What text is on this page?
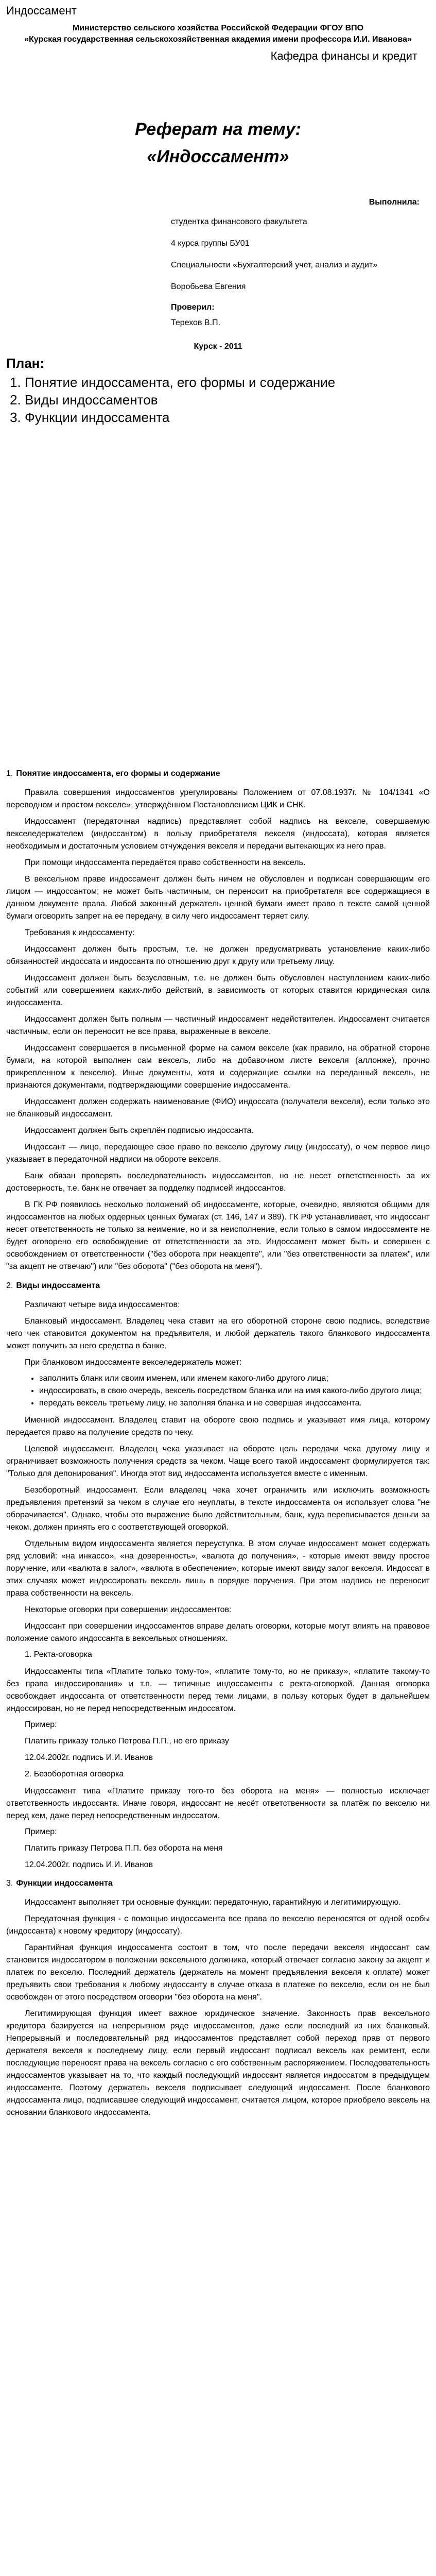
Индоссамент

Министерство сельского хозяйства Российской Федерации ФГОУ ВПО

«Курская государственная сельскохозяйственная академия имени профессора И.И. Иванова»

Кафедра финансы и кредит
Реферат на тему:
«Индоссамент»
Выполнила:

студентка финансового факультета

4 курса группы БУ01

Специальности «Бухгалтерский учет, анализ и аудит»

Воробьева Евгения

Проверил:

Терехов В.П.

Курск - 2011
План:
1. Понятие индоссамента, его формы и содержание
2. Виды индоссаментов
3. Функции индоссамента
1. Понятие индоссамента, его формы и содержание

Правила совершения индоссаментов урегулированы Положением от 07.08.1937г. № 104/1341 «О переводном и простом векселе», утверждённом Постановлением ЦИК и СНК.

Индоссамент (передаточная надпись) представляет собой надпись на векселе, совершаемую векселедержателем (индоссантом) в пользу приобретателя векселя (индоссата), которая является необходимым и достаточным условием отчуждения векселя и передачи вытекающих из него прав.

При помощи индоссамента передаётся право собственности на вексель.

В вексельном праве индоссамент должен быть ничем не обусловлен и подписан совершающим его лицом — индоссантом; не может быть частичным, он переносит на приобретателя все содержащиеся в данном документе права. Любой законный держатель ценной бумаги имеет право в тексте самой ценной бумаги оговорить запрет на ее передачу, в силу чего индоссамент теряет силу.

Требования к индоссаменту:

Индоссамент должен быть простым, т.е. не должен предусматривать установление каких-либо обязанностей индоссата и индоссанта по отношению друг к другу или третьему лицу.

Индоссамент должен быть безусловным, т.е. не должен быть обусловлен наступлением каких-либо событий или совершением каких-либо действий, в зависимость от которых ставится юридическая сила индоссамента.

Индоссамент должен быть полным — частичный индоссамент недействителен. Индоссамент считается частичным, если он переносит не все права, выраженные в векселе.

Индоссамент совершается в письменной форме на самом векселе (как правило, на обратной стороне бумаги, на которой выполнен сам вексель, либо на добавочном листе векселя (аллонже), прочно прикрепленном к векселю). Иные документы, хотя и содержащие ссылки на переданный вексель, не признаются документами, подтверждающими совершение индоссамента.

Индоссамент должен содержать наименование (ФИО) индоссата (получателя векселя), если только это не бланковый индоссамент.

Индоссамент должен быть скреплён подписью индоссанта.

Индоссант — лицо, передающее свое право по векселю другому лицу (индоссату), о чем первое лицо указывает в передаточной надписи на обороте векселя.

Банк обязан проверять последовательность индоссаментов, но не несет ответственность за их достоверность, т.е. банк не отвечает за подделку подписей индоссантов.

В ГК РФ появилось несколько положений об индоссаменте, которые, очевидно, являются общими для индоссаментов на любых ордерных ценных бумагах (ст. 146, 147 и 389). ГК РФ устанавливает, что индоссант несет ответственность не только за неимение, но и за неисполнение, если только в самом индоссаменте не будет оговорено его освобождение от ответственности за это. Индоссамент может быть и совершен с освобождением от ответственности ("без оборота при неакцепте", или "без ответственности за платеж", или "за акцепт не отвечаю") или "без оборота" ("без оборота на меня").

2. Виды индоссамента

Различают четыре вида индоссаментов:

Бланковый индоссамент. Владелец чека ставит на его оборотной стороне свою подпись, вследствие чего чек становится документом на предъявителя, и любой держатель такого бланкового индоссамента может получить за него средства в банке.

При бланковом индоссаменте векселедержатель может:

• заполнить бланк или своим именем, или именем какого-либо другого лица;
• индоссировать, в свою очередь, вексель посредством бланка или на имя какого-либо другого лица;
• передать вексель третьему лицу, не заполняя бланка и не совершая индоссамента.

Именной индоссамент. Владелец ставит на обороте свою подпись и указывает имя лица, которому передается право на получение средств по чеку.

Целевой индоссамент. Владелец чека указывает на обороте цель передачи чека другому лицу и ограничивает возможность получения средств за чеком. Чаще всего такой индоссамент формулируется так: "Только для депонирования". Иногда этот вид индоссамента используется вместе с именным.

Безоборотный индоссамент. Если владелец чека хочет ограничить или исключить возможность предъявления претензий за чеком в случае его неуплаты, в тексте индоссамента он использует слова "не оборачивается". Однако, чтобы это выражение было действительным, банк, куда переписывается деньги за чеком, должен принять его с соответствующей оговоркой.

Отдельным видом индоссамента является переуступка. В этом случае индоссамент может содержать ряд условий: «на инкассо», «на доверенность», «валюта до получения», - которые имеют ввиду простое поручение, или «валюта в залог», «валюта в обеспечение», которые имеют ввиду залог векселя. Индоссат в этих случаях может индоссировать вексель лишь в порядке поручения. При этом надпись не переносит права собственности на вексель.

Некоторые оговорки при совершении индоссаментов:

Индоссант при совершении индоссаментов вправе делать оговорки, которые могут влиять на правовое положение самого индоссанта в вексельных отношениях.

1. Ректа-оговорка

Индоссаменты типа «Платите только тому-то», «платите тому-то, но не приказу», «платите такому-то без права индоссирования» и т.п. — типичные индоссаменты с ректа-оговоркой. Данная оговорка освобождает индоссанта от ответственности перед теми лицами, в пользу которых будет в дальнейшем индоссирован, но не перед непосредственным индоссатом.

Пример:
Платить приказу только Петрова П.П., но его приказу
12.04.2002г. подпись И.И. Иванов
2. Безоборотная оговорка

Индоссамент типа «Платите приказу того-то без оборота на меня» — полностью исключает ответственность индоссанта. Иначе говоря, индоссант не несёт ответственности за платёж по векселю ни перед кем, даже перед непосредственным индоссатом.

Пример:
Платить приказу Петрова П.П. без оборота на меня
12.04.2002г. подпись И.И. Иванов
3. Функции индоссамента

Индоссамент выполняет три основные функции: передаточную, гарантийную и легитимирующую.

Передаточная функция - с помощью индоссамента все права по векселю переносятся от одной особы (индоссанта) к новому кредитору (индоссату).

Гарантийная функция индоссамента состоит в том, что после передачи векселя индоссант сам становится индоссатором в положении вексельного должника, который отвечает согласно закону за акцепт и платеж по векселю. Последний держатель (держатель на момент предъявления векселя к оплате) может предъявить свои требования к любому индоссанту в случае отказа в платеже по векселю, если он не был освобожден от этого посредством оговорки "без оборота на меня".

Легитимирующая функция имеет важное юридическое значение. Законность прав вексельного кредитора базируется на непрерывном ряде индоссаментов, даже если последний из них бланковый. Непрерывный и последовательный ряд индоссаментов представляет собой переход прав от первого держателя векселя к последнему лицу, если первый индоссант подписал вексель как ремитент, если последующие переносят права на вексель согласно с его собственным распоряжением. Последовательность индоссаментов указывает на то, что каждый последующий индоссант является индоссатом в предыдущем индоссаменте. Поэтому держатель векселя подписывает следующий индоссамент. После бланкового индоссамента лицо, подписавшее следующий индоссамент, считается лицом, которое приобрело вексель на основании бланкового индоссамента.
